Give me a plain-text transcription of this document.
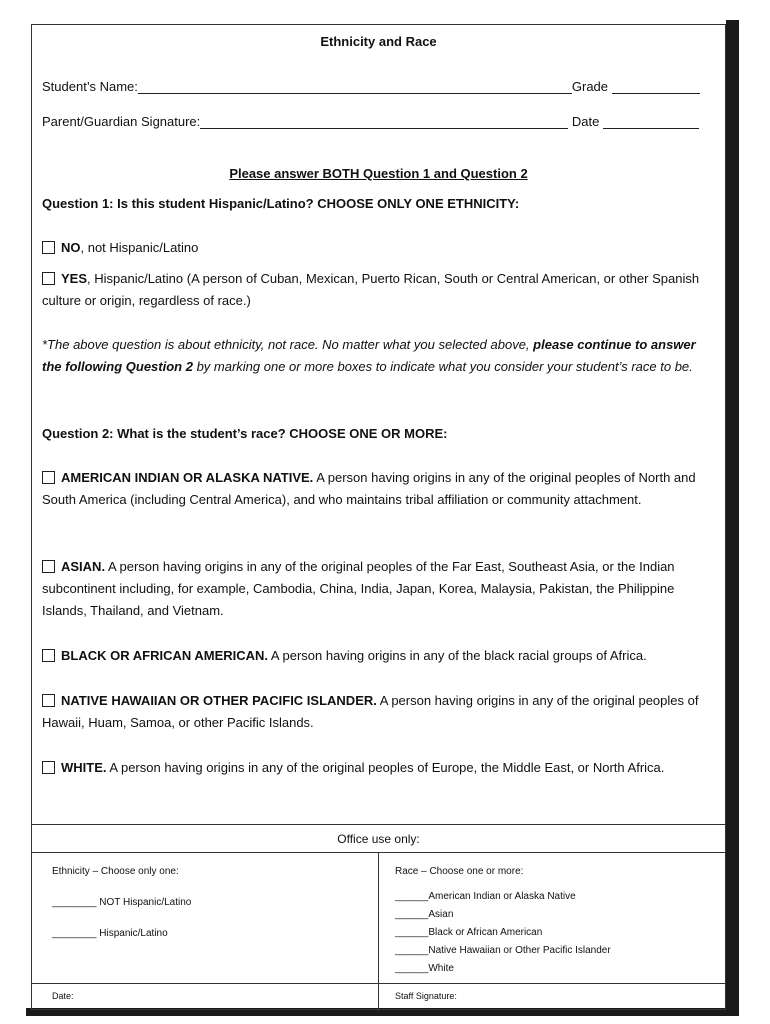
Ethnicity and Race
Student’s Name:	Grade
Parent/Guardian Signature:	Date
Please answer BOTH Question 1 and Question 2
Question 1: Is this student Hispanic/Latino? CHOOSE ONLY ONE ETHNICITY:
NO, not Hispanic/Latino
YES, Hispanic/Latino (A person of Cuban, Mexican, Puerto Rican, South or Central American, or other Spanish culture or origin, regardless of race.)
*The above question is about ethnicity, not race. No matter what you selected above, please continue to answer the following Question 2 by marking one or more boxes to indicate what you consider your student’s race to be.
Question 2: What is the student’s race? CHOOSE ONE OR MORE:
AMERICAN INDIAN OR ALASKA NATIVE. A person having origins in any of the original peoples of North and South America (including Central America), and who maintains tribal affiliation or community attachment.
ASIAN. A person having origins in any of the original peoples of the Far East, Southeast Asia, or the Indian subcontinent including, for example, Cambodia, China, India, Japan, Korea, Malaysia, Pakistan, the Philippine Islands, Thailand, and Vietnam.
BLACK OR AFRICAN AMERICAN. A person having origins in any of the black racial groups of Africa.
NATIVE HAWAIIAN OR OTHER PACIFIC ISLANDER. A person having origins in any of the original peoples of Hawaii, Huam, Samoa, or other Pacific Islands.
WHITE. A person having origins in any of the original peoples of Europe, the Middle East, or North Africa.
Office use only:
Ethnicity – Choose only one:
________ NOT Hispanic/Latino
________ Hispanic/Latino
Race – Choose one or more:
______American Indian or Alaska Native
______Asian
______Black or African American
______Native Hawaiian or Other Pacific Islander
______White
Date:	Staff Signature:
